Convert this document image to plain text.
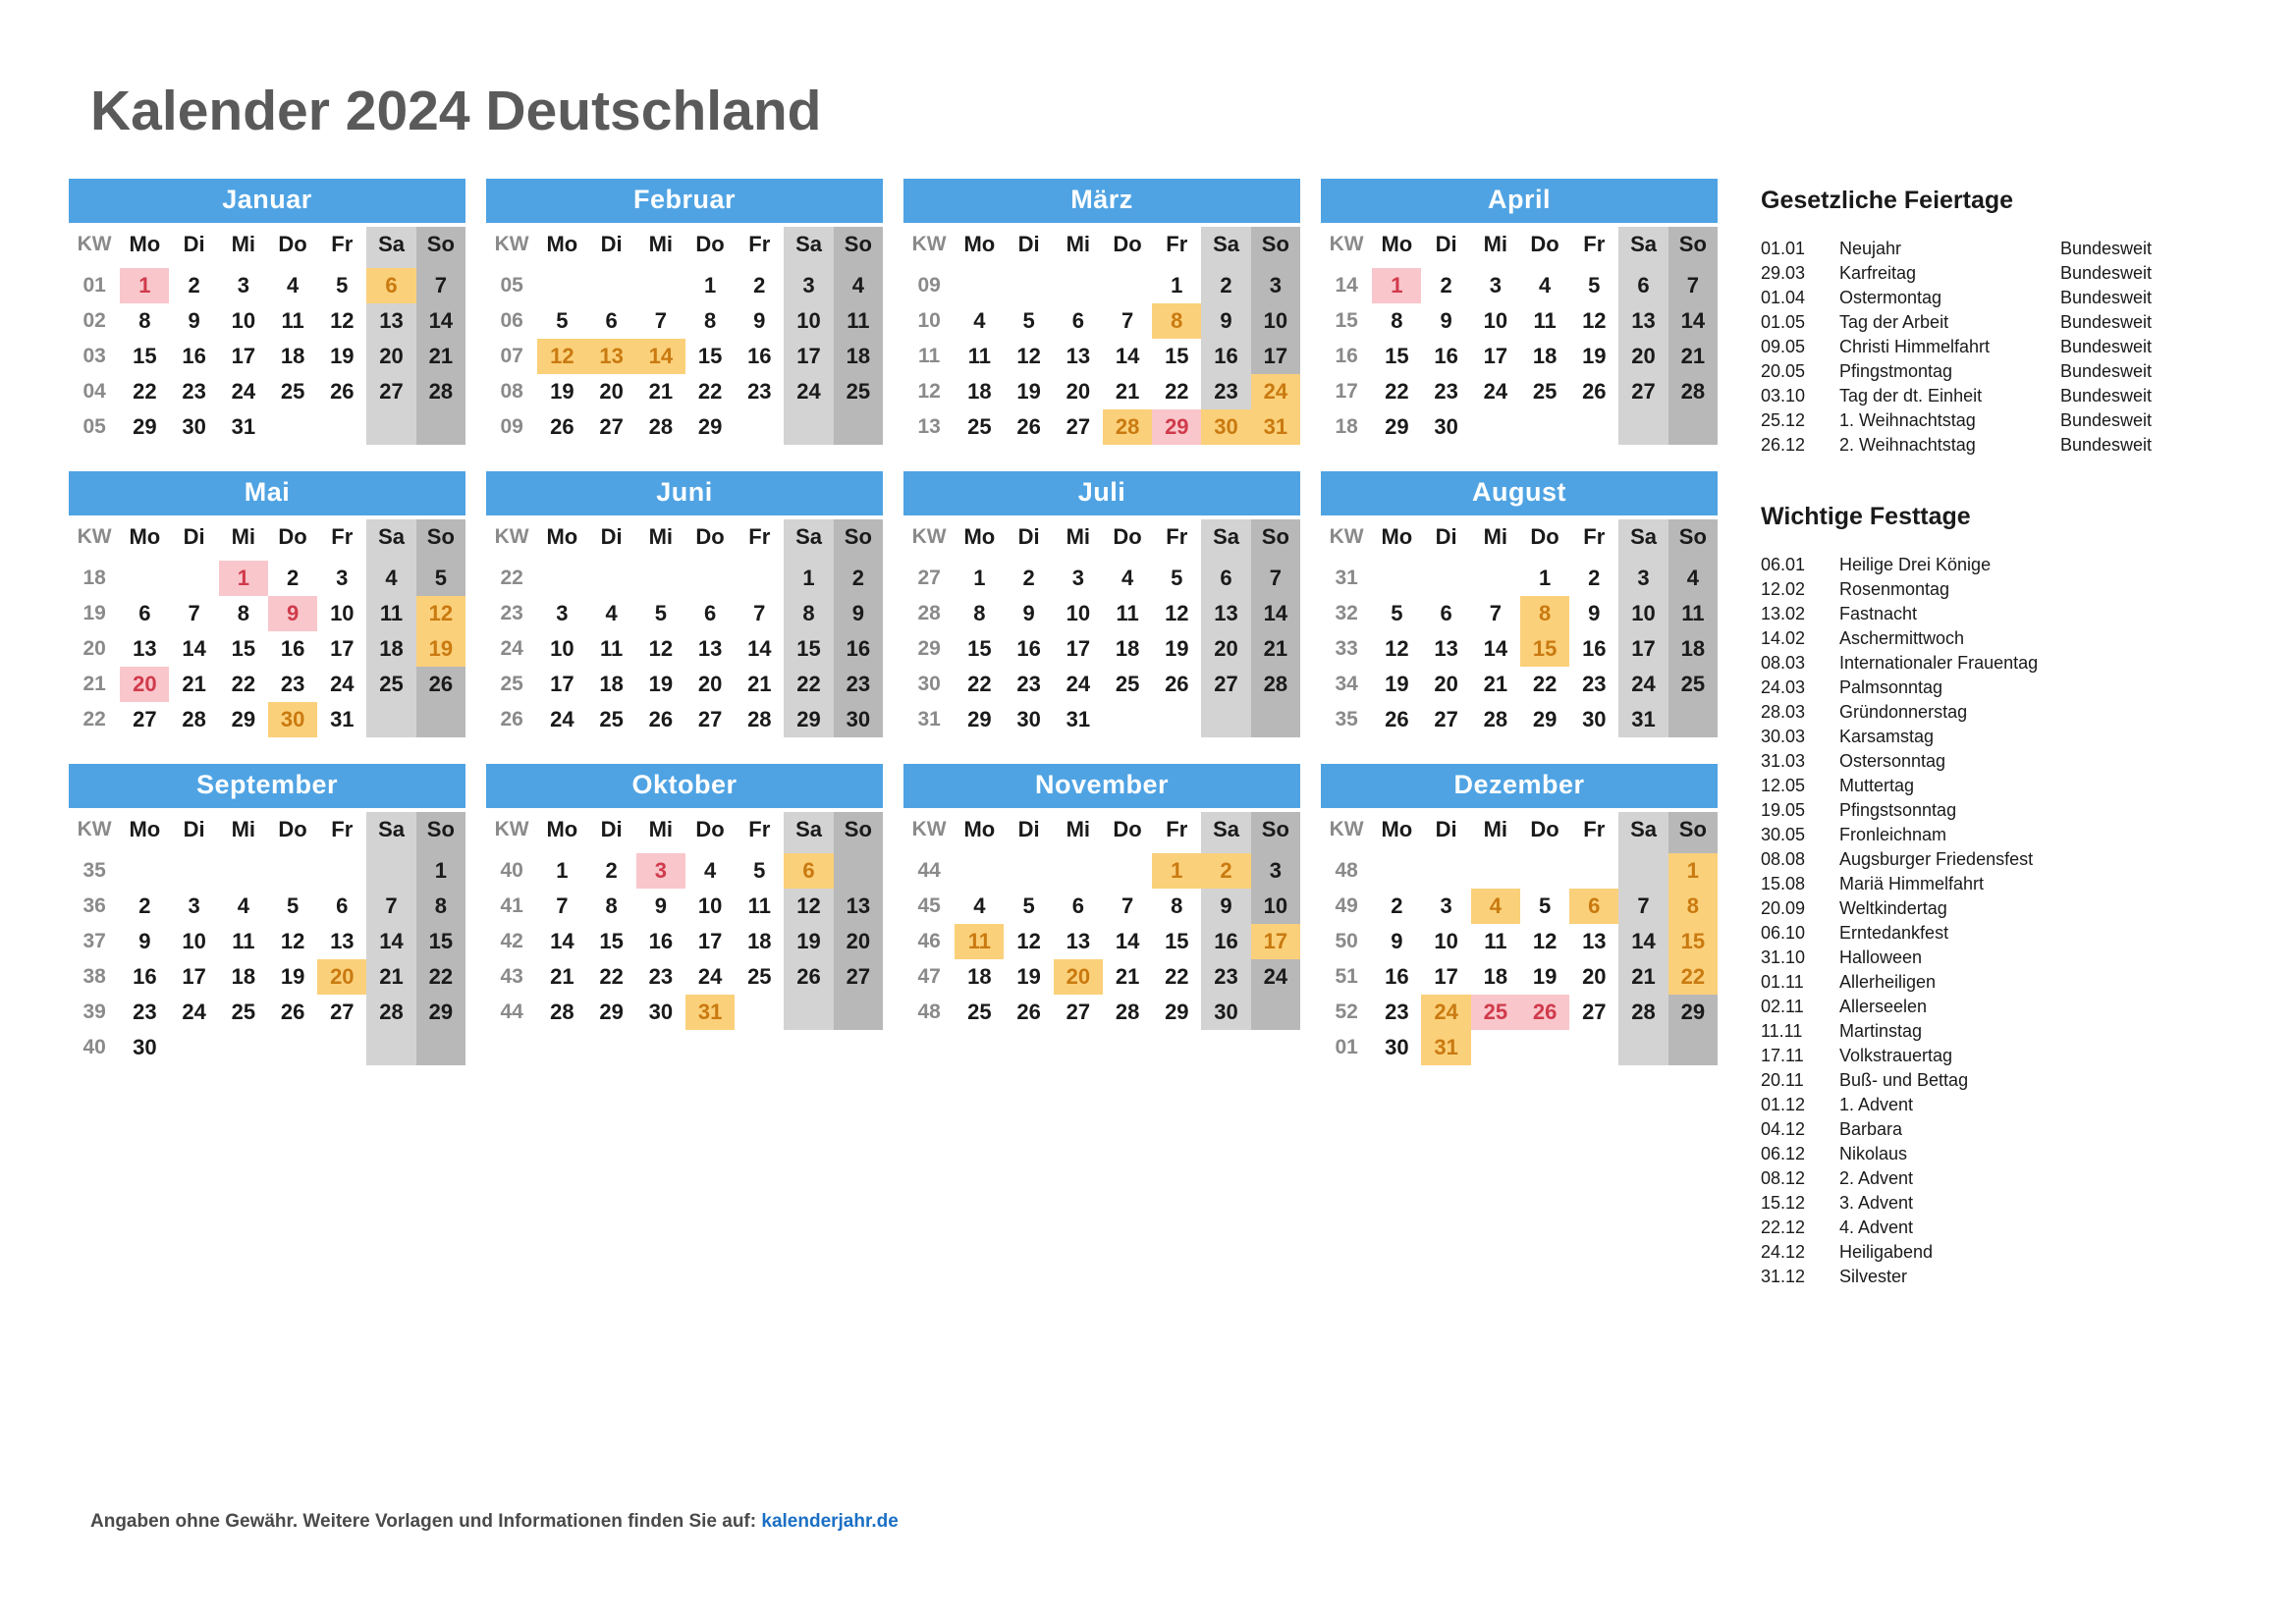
Kalender 2024 Deutschland
Januar
KW	Mo	Di	Mi	Do	Fr	Sa	So
01	1	2	3	4	5	6	7
02	8	9	10	11	12	13	14
03	15	16	17	18	19	20	21
04	22	23	24	25	26	27	28
05	29	30	31				
Februar
KW	Mo	Di	Mi	Do	Fr	Sa	So
05				1	2	3	4
06	5	6	7	8	9	10	11
07	12	13	14	15	16	17	18
08	19	20	21	22	23	24	25
09	26	27	28	29			
März
KW	Mo	Di	Mi	Do	Fr	Sa	So
09					1	2	3
10	4	5	6	7	8	9	10
11	11	12	13	14	15	16	17
12	18	19	20	21	22	23	24
13	25	26	27	28	29	30	31
April
KW	Mo	Di	Mi	Do	Fr	Sa	So
14	1	2	3	4	5	6	7
15	8	9	10	11	12	13	14
16	15	16	17	18	19	20	21
17	22	23	24	25	26	27	28
18	29	30					
Mai
KW	Mo	Di	Mi	Do	Fr	Sa	So
18			1	2	3	4	5
19	6	7	8	9	10	11	12
20	13	14	15	16	17	18	19
21	20	21	22	23	24	25	26
22	27	28	29	30	31		
Juni
KW	Mo	Di	Mi	Do	Fr	Sa	So
22						1	2
23	3	4	5	6	7	8	9
24	10	11	12	13	14	15	16
25	17	18	19	20	21	22	23
26	24	25	26	27	28	29	30
Juli
KW	Mo	Di	Mi	Do	Fr	Sa	So
27	1	2	3	4	5	6	7
28	8	9	10	11	12	13	14
29	15	16	17	18	19	20	21
30	22	23	24	25	26	27	28
31	29	30	31				
August
KW	Mo	Di	Mi	Do	Fr	Sa	So
31				1	2	3	4
32	5	6	7	8	9	10	11
33	12	13	14	15	16	17	18
34	19	20	21	22	23	24	25
35	26	27	28	29	30	31	
September
KW	Mo	Di	Mi	Do	Fr	Sa	So
35							1
36	2	3	4	5	6	7	8
37	9	10	11	12	13	14	15
38	16	17	18	19	20	21	22
39	23	24	25	26	27	28	29
40	30						
Oktober
KW	Mo	Di	Mi	Do	Fr	Sa	So
40	1	2	3	4	5	6	
41	7	8	9	10	11	12	13
42	14	15	16	17	18	19	20
43	21	22	23	24	25	26	27
44	28	29	30	31			
November
KW	Mo	Di	Mi	Do	Fr	Sa	So
44					1	2	3
45	4	5	6	7	8	9	10
46	11	12	13	14	15	16	17
47	18	19	20	21	22	23	24
48	25	26	27	28	29	30	
Dezember
KW	Mo	Di	Mi	Do	Fr	Sa	So
48							1
49	2	3	4	5	6	7	8
50	9	10	11	12	13	14	15
51	16	17	18	19	20	21	22
52	23	24	25	26	27	28	29
01	30	31					
Gesetzliche Feiertage
01.01	Neujahr	Bundesweit
29.03	Karfreitag	Bundesweit
01.04	Ostermontag	Bundesweit
01.05	Tag der Arbeit	Bundesweit
09.05	Christi Himmelfahrt	Bundesweit
20.05	Pfingstmontag	Bundesweit
03.10	Tag der dt. Einheit	Bundesweit
25.12	1. Weihnachtstag	Bundesweit
26.12	2. Weihnachtstag	Bundesweit
Wichtige Festtage
06.01	Heilige Drei Könige
12.02	Rosenmontag
13.02	Fastnacht
14.02	Aschermittwoch
08.03	Internationaler Frauentag
24.03	Palmsonntag
28.03	Gründonnerstag
30.03	Karsamstag
31.03	Ostersonntag
12.05	Muttertag
19.05	Pfingstsonntag
30.05	Fronleichnam
08.08	Augsburger Friedensfest
15.08	Mariä Himmelfahrt
20.09	Weltkindertag
06.10	Erntedankfest
31.10	Halloween
01.11	Allerheiligen
02.11	Allerseelen
11.11	Martinstag
17.11	Volkstrauertag
20.11	Buß- und Bettag
01.12	1. Advent
04.12	Barbara
06.12	Nikolaus
08.12	2. Advent
15.12	3. Advent
22.12	4. Advent
24.12	Heiligabend
31.12	Silvester
Angaben ohne Gewähr. Weitere Vorlagen und Informationen finden Sie auf: kalenderjahr.de
